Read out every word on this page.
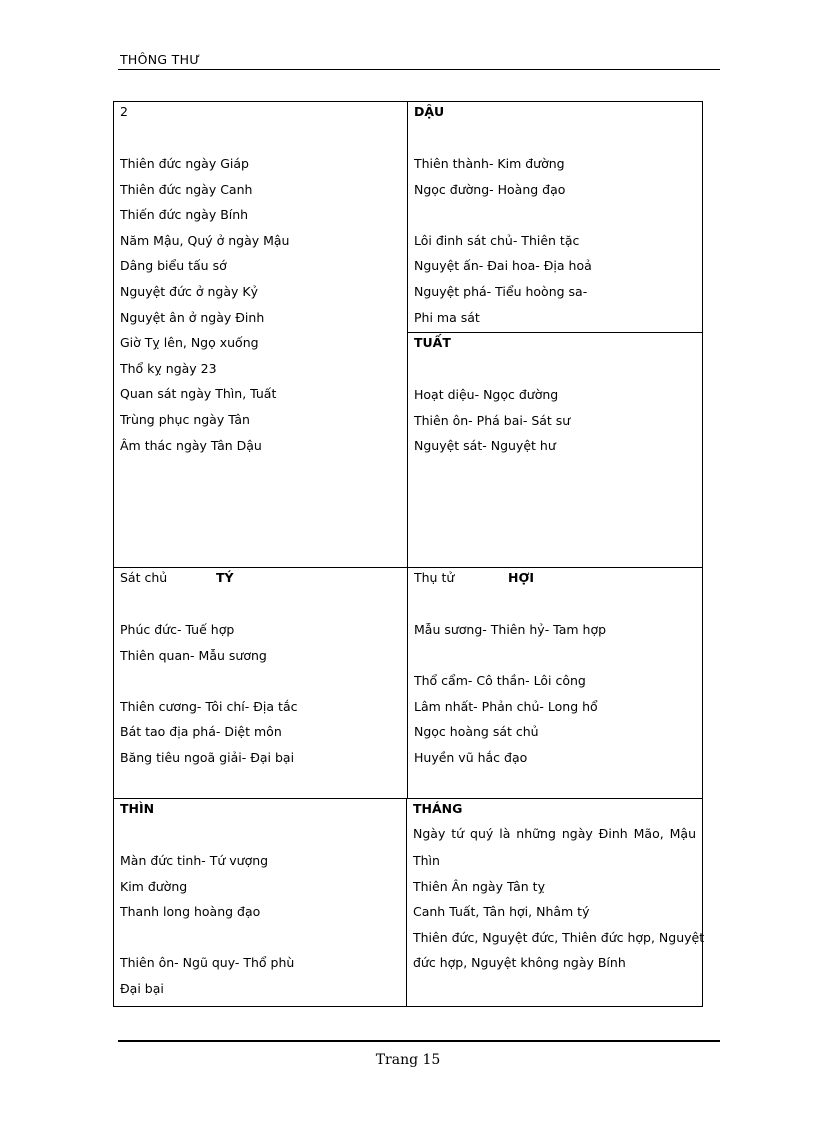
THÔNG THƯ
2
Thiên đức ngày Giáp
Thiên đức ngày Canh
Thiến đức ngày Bính
Năm Mậu, Quý ở ngày Mậu
Dâng biểu tấu sớ
Nguyệt đức ở ngày Kỷ
Nguyệt ân ở ngày Đinh
Giờ Tỵ lên, Ngọ xuống
Thổ kỵ ngày 23
Quan sát ngày Thìn, Tuất
Trùng phục ngày Tân
Âm thác ngày Tân Dậu
DẬU
Thiên thành- Kim đường
Ngọc đường- Hoàng đạo
Lôi đinh sát chủ- Thiên tặc
Nguyệt ấn- Đai hoa- Địa hoả
Nguyệt phá- Tiểu hoòng sa-
Phi ma sát
TUẤT
Hoạt diệu- Ngọc đường
Thiên ôn- Phá bai- Sát sư
Nguyệt sát- Nguyệt hư
Sát chủ	TÝ
Phúc đức- Tuế hợp
Thiên quan- Mẫu sương
Thiên cương- Tôi chí- Địa tắc
Bát tao địa phá- Diệt môn
Băng tiêu ngoã giải- Đại bại
Thụ tử	HỢI
Mẫu sương- Thiên hỷ- Tam hợp
Thổ cẩm- Cô thần- Lôi công
Lâm nhất- Phản chủ- Long hổ
Ngọc hoàng sát chủ
Huyền vũ hắc đạo
THÌN
Màn đức tinh- Tứ vượng
Kim đường
Thanh long hoàng đạo
Thiên ôn- Ngũ quy- Thổ phù
Đại bại
THÁNG
Ngày tứ quý là những ngày Đinh Mão, Mậu
Thìn
Thiên Ân ngày Tân tỵ
Canh Tuất, Tân hợi, Nhâm tý
Thiên đức, Nguyệt đức, Thiên đức hợp, Nguyệt
đức hợp, Nguyệt không ngày Bính
Trang 15
